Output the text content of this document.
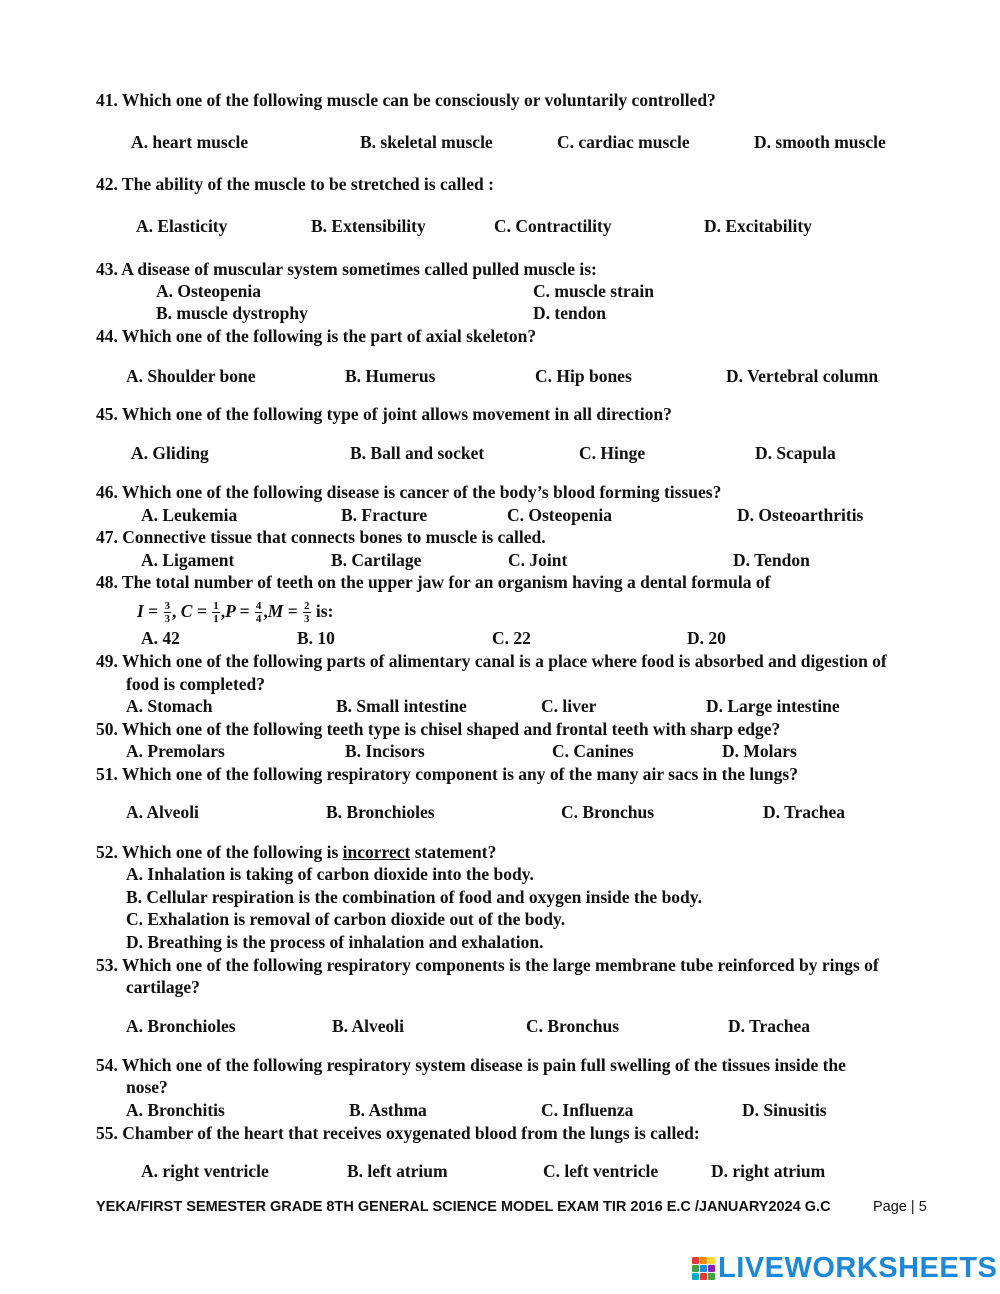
41. Which one of the following muscle can be consciously or voluntarily controlled?
A. heart muscle	B. skeletal muscle	C. cardiac muscle	D. smooth muscle
42. The ability of the muscle to be stretched is called :
A. Elasticity	B. Extensibility	C. Contractility	D. Excitability
43. A disease of muscular system sometimes called pulled muscle is:
A. Osteopenia	C. muscle strain
B. muscle dystrophy	D. tendon
44. Which one of the following is the part of axial skeleton?
A. Shoulder bone	B. Humerus	C. Hip bones	D. Vertebral column
45. Which one of the following type of joint allows movement in all direction?
A. Gliding	B. Ball and socket	C. Hinge	D. Scapula
46. Which one of the following disease is cancer of the body’s blood forming tissues?
A. Leukemia	B. Fracture	C. Osteopenia	D. Osteoarthritis
47. Connective tissue that connects bones to muscle is called.
A. Ligament	B. Cartilage	C. Joint	D. Tendon
48. The total number of teeth on the upper jaw for an organism having a dental formula of
$I = \frac{3}{3}$ , $C = \frac{1}{1} ,P = \frac{4}{4} ,M = \frac{2}{3}$ is:
A. 42	B. 10	C. 22	D. 20
49. Which one of the following parts of alimentary canal is a place where food is absorbed and digestion of
food is completed?
A. Stomach	B. Small intestine	C. liver	D. Large intestine
50. Which one of the following teeth type is chisel shaped and frontal teeth with sharp edge?
A. Premolars	B. Incisors	C. Canines	D. Molars
51. Which one of the following respiratory component is any of the many air sacs in the lungs?
A. Alveoli	B. Bronchioles	C. Bronchus	D. Trachea
52. Which one of the following is incorrect statement?
A. Inhalation is taking of carbon dioxide into the body.
B. Cellular respiration is the combination of food and oxygen inside the body.
C. Exhalation is removal of carbon dioxide out of the body.
D. Breathing is the process of inhalation and exhalation.
53. Which one of the following respiratory components is the large membrane tube reinforced by rings of
cartilage?
A. Bronchioles	B. Alveoli	C. Bronchus	D. Trachea
54. Which one of the following respiratory system disease is pain full swelling of the tissues inside the
nose?
A. Bronchitis	B. Asthma	C. Influenza	D. Sinusitis
55. Chamber of the heart that receives oxygenated blood from the lungs is called:
A. right ventricle	B. left atrium	C. left ventricle	D. right atrium
YEKA/FIRST SEMESTER GRADE 8TH GENERAL SCIENCE MODEL EXAM TIR 2016 E.C /JANUARY2024 G.C	Page | 5
LIVEWORKSHEETS
